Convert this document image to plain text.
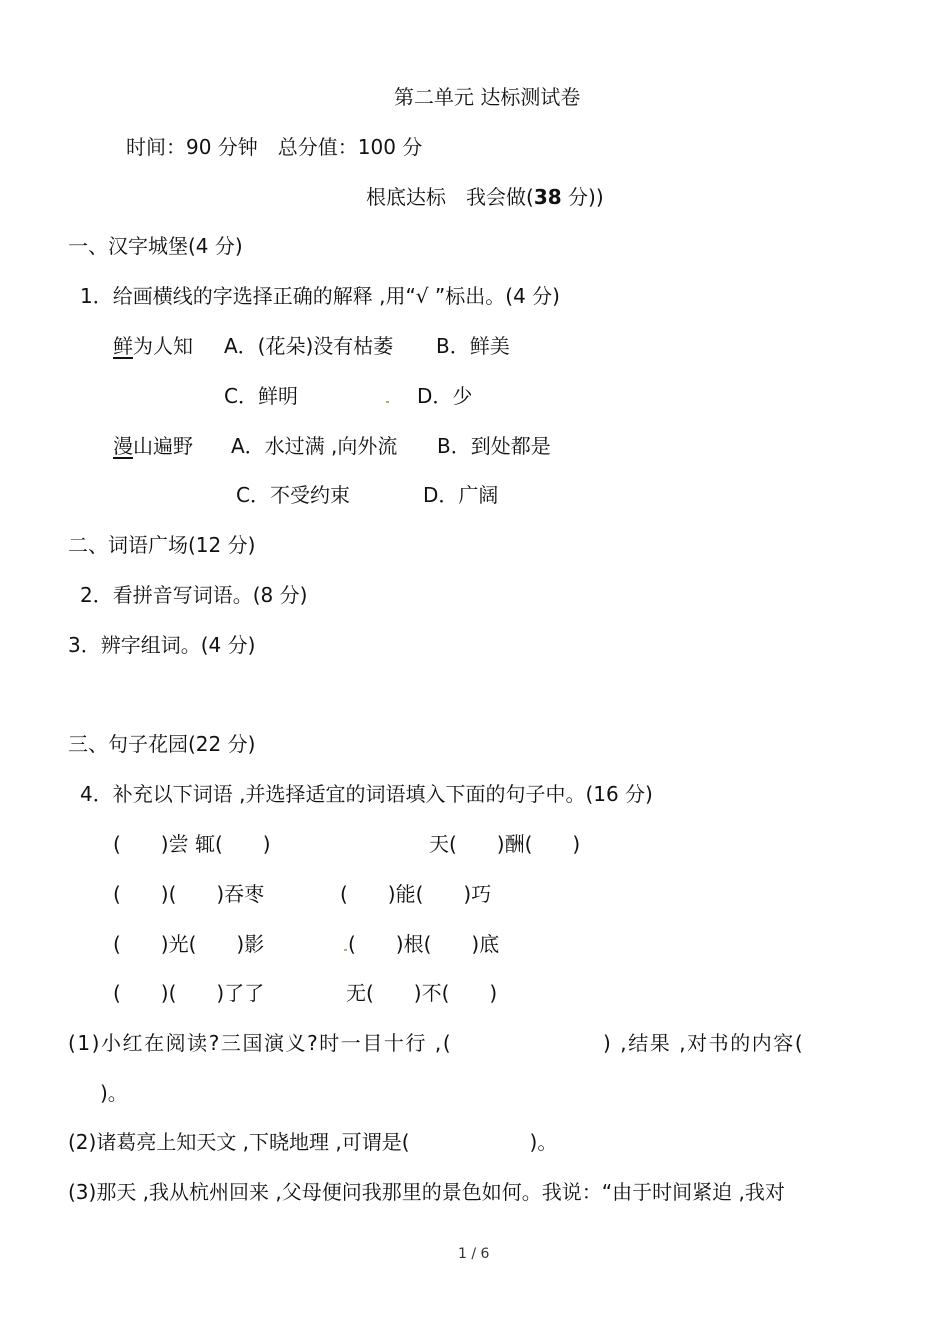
第二单元 达标测试卷
时间：90 分钟　总分值：100 分
根底达标　我会做(38 分))
一、汉字城堡(4 分)
1．给画横线的字选择正确的解释 ,用“√ ”标出。(4 分)
鲜为人知 A．(花朵)没有枯萎 B．鲜美
C．鲜明	D．少
漫山遍野 A．水过满 ,向外流 B．到处都是
C．不受约束	D．广阔
二、词语广场(12 分)
2．看拼音写词语。(8 分)
3．辨字组词。(4 分)
三、句子花园(22 分)
4．补充以下词语 ,并选择适宜的词语填入下面的句子中。(16 分)
(　　)尝 辄(　　)	天(　　)酬(　　)
(　　)(　　)吞枣	(　　)能(　　)巧
(　　)光(　　)影	(　　)根(　　)底
(　　)(　　)了了	无(　　)不(　　)
(1)小红在阅读?三国演义?时一目十行 ,(　　　　　　　) ,结果 ,对书的内容(
)。
(2)诸葛亮上知天文 ,下晓地理 ,可谓是(　　　　　　)。
(3)那天 ,我从杭州回来 ,父母便问我那里的景色如何。我说：“由于时间紧迫 ,我对
1 / 6
